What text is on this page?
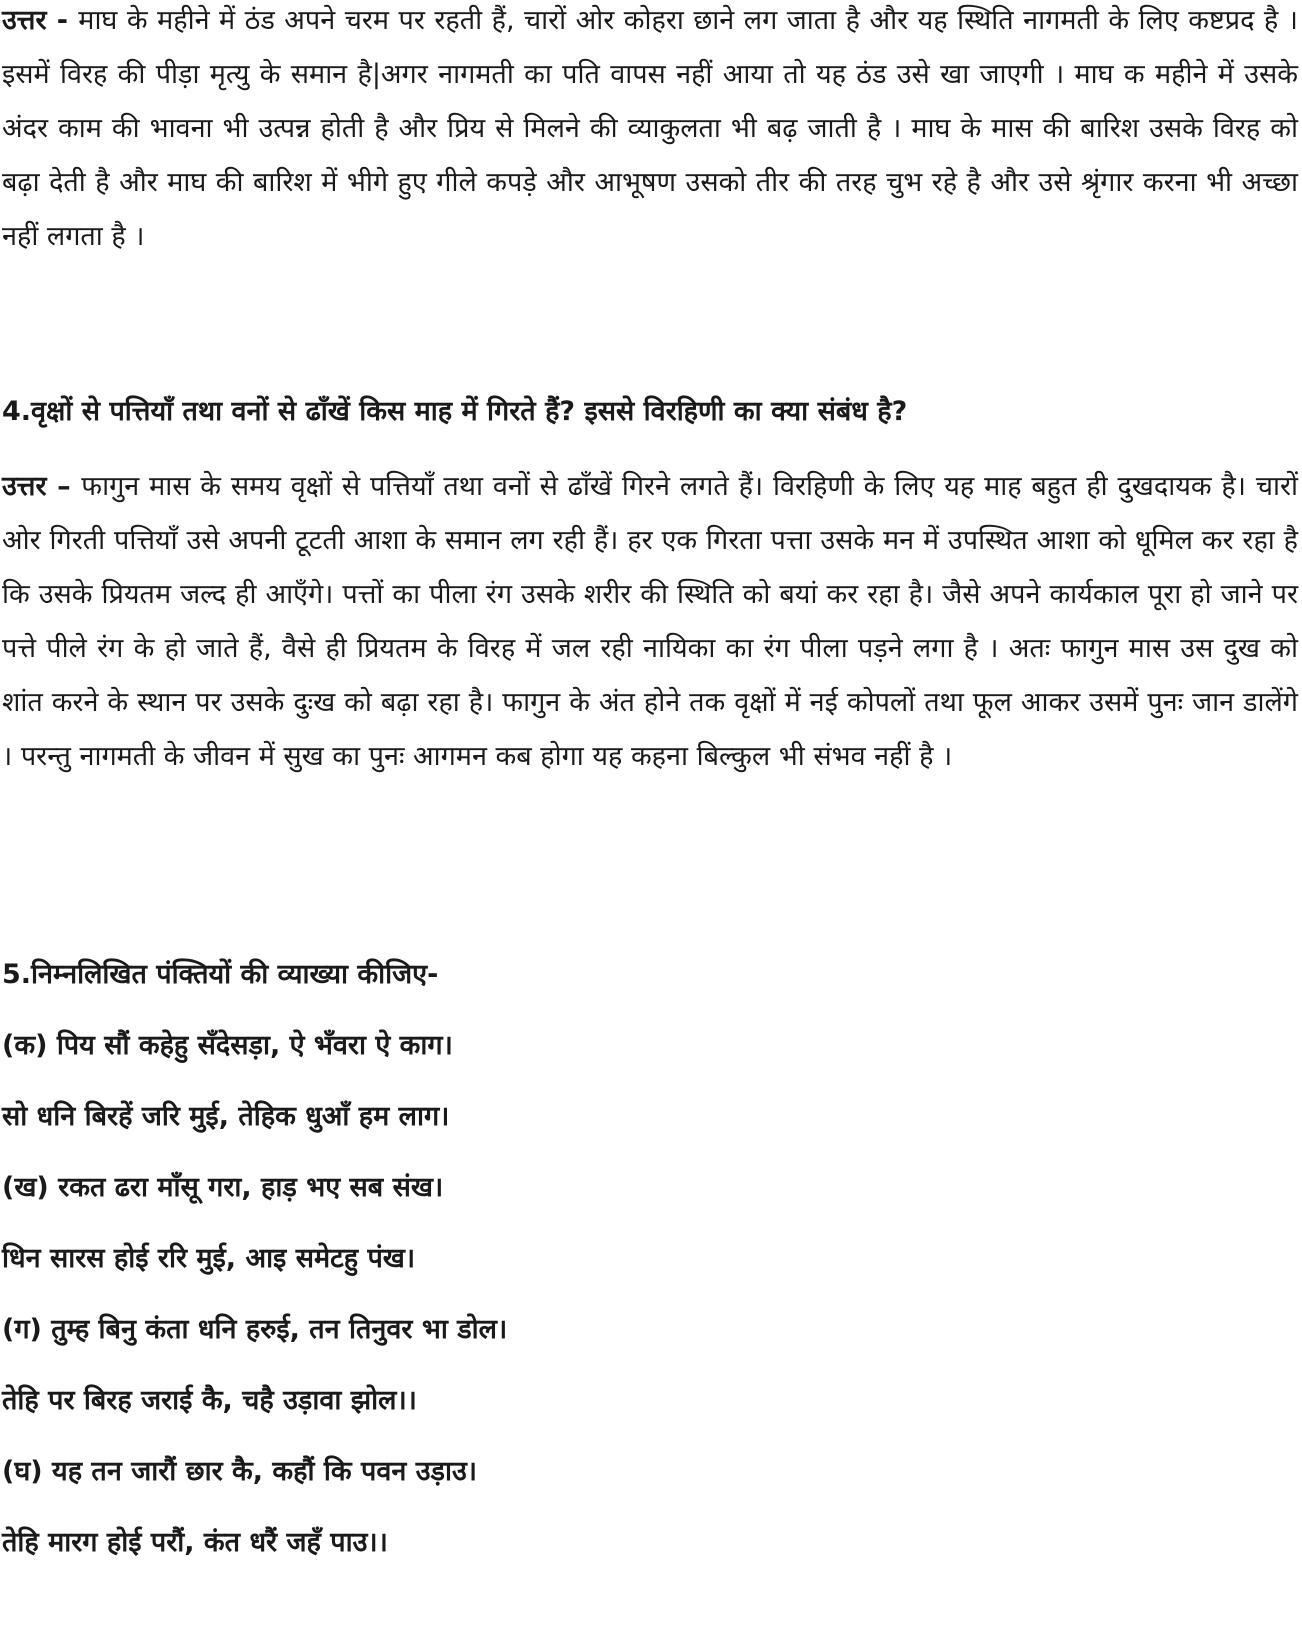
उत्तर - माघ के महीने में ठंड अपने चरम पर रहती हैं, चारों ओर कोहरा छाने लग जाता है और यह स्थिति नागमती के लिए कष्टप्रद है । इसमें विरह की पीड़ा मृत्यु के समान है|अगर नागमती का पति वापस नहीं आया तो यह ठंड उसे खा जाएगी । माघ क महीने में उसके अंदर काम की भावना भी उत्पन्न होती है और प्रिय से मिलने की व्याकुलता भी बढ़ जाती है । माघ के मास की बारिश उसके विरह को बढ़ा देती है और माघ की बारिश में भीगे हुए गीले कपड़े और आभूषण उसको तीर की तरह चुभ रहे है और उसे श्रृंगार करना भी अच्छा नहीं लगता है ।

4.वृक्षों से पत्तियाँ तथा वनों से ढाँखें किस माह में गिरते हैं? इससे विरहिणी का क्या संबंध है?

उत्तर – फागुन मास के समय वृक्षों से पत्तियाँ तथा वनों से ढाँखें गिरने लगते हैं। विरहिणी के लिए यह माह बहुत ही दुखदायक है। चारों ओर गिरती पत्तियाँ उसे अपनी टूटती आशा के समान लग रही हैं। हर एक गिरता पत्ता उसके मन में उपस्थित आशा को धूमिल कर रहा है कि उसके प्रियतम जल्द ही आएँगे। पत्तों का पीला रंग उसके शरीर की स्थिति को बयां कर रहा है। जैसे अपने कार्यकाल पूरा हो जाने पर पत्ते पीले रंग के हो जाते हैं, वैसे ही प्रियतम के विरह में जल रही नायिका का रंग पीला पड़ने लगा है । अतः फागुन मास उस दुख को शांत करने के स्थान पर उसके दुःख को बढ़ा रहा है। फागुन के अंत होने तक वृक्षों में नई कोपलों तथा फूल आकर उसमें पुनः जान डालेंगे । परन्तु नागमती के जीवन में सुख का पुनः आगमन कब होगा यह कहना बिल्कुल भी संभव नहीं है ।

5.निम्नलिखित पंक्तियों की व्याख्या कीजिए-

(क) पिय सौं कहेहु सँदेसड़ा, ऐ भँवरा ऐ काग।

सो धनि बिरहें जरि मुई, तेहिक धुआँ हम लाग।

(ख) रकत ढरा माँसू गरा, हाड़ भए सब संख।

धिन सारस होई ररि मुई, आइ समेटहु पंख।

(ग) तुम्ह बिनु कंता धनि हरुई, तन तिनुवर भा डोल।

तेहि पर बिरह जराई कै, चहै उड़ावा झोल।।

(घ) यह तन जारौं छार कै, कहौं कि पवन उड़ाउ।

तेहि मारग होई परौं, कंत धरैं जहँ पाउ।।
